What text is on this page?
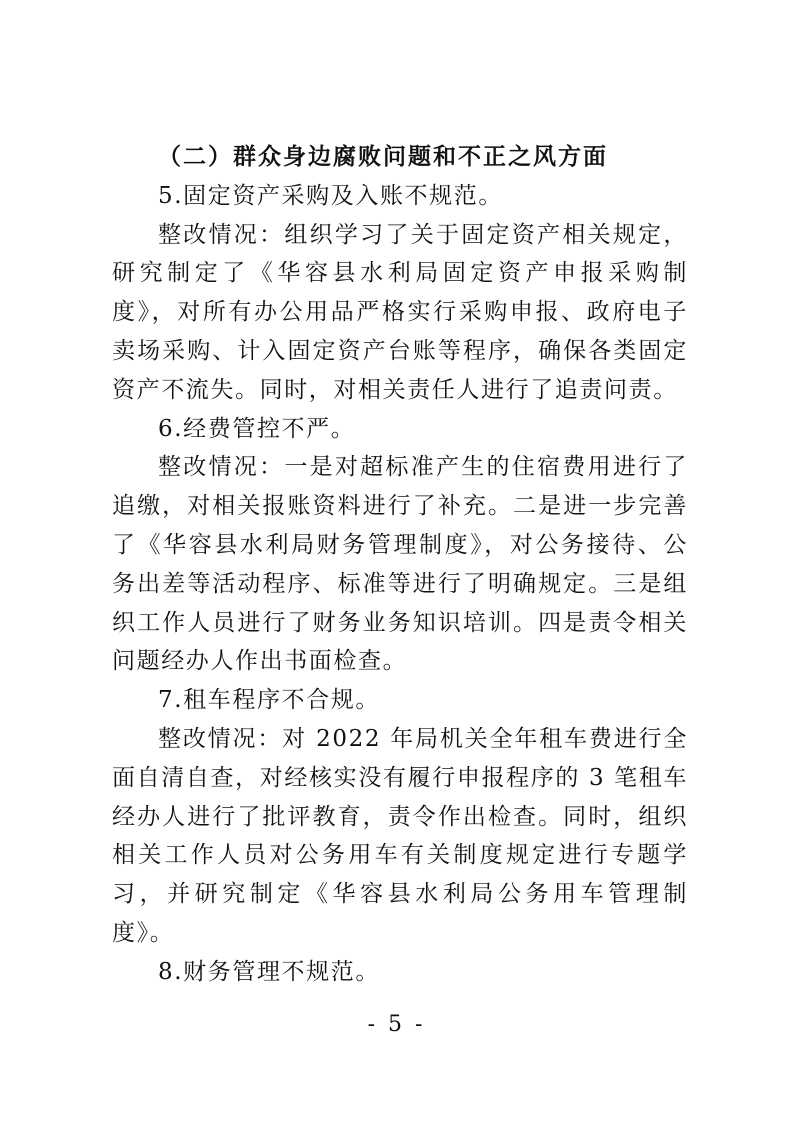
（二）群众身边腐败问题和不正之风方面

5.固定资产采购及入账不规范。

整改情况：组织学习了关于固定资产相关规定，研究制定了《华容县水利局固定资产申报采购制度》，对所有办公用品严格实行采购申报、政府电子卖场采购、计入固定资产台账等程序，确保各类固定资产不流失。同时，对相关责任人进行了追责问责。

6.经费管控不严。

整改情况：一是对超标准产生的住宿费用进行了追缴，对相关报账资料进行了补充。二是进一步完善了《华容县水利局财务管理制度》，对公务接待、公务出差等活动程序、标准等进行了明确规定。三是组织工作人员进行了财务业务知识培训。四是责令相关问题经办人作出书面检查。

7.租车程序不合规。

整改情况：对 2022 年局机关全年租车费进行全面自清自查，对经核实没有履行申报程序的 3 笔租车经办人进行了批评教育，责令作出检查。同时，组织相关工作人员对公务用车有关制度规定进行专题学习，并研究制定《华容县水利局公务用车管理制度》。

8.财务管理不规范。

- 5 -
